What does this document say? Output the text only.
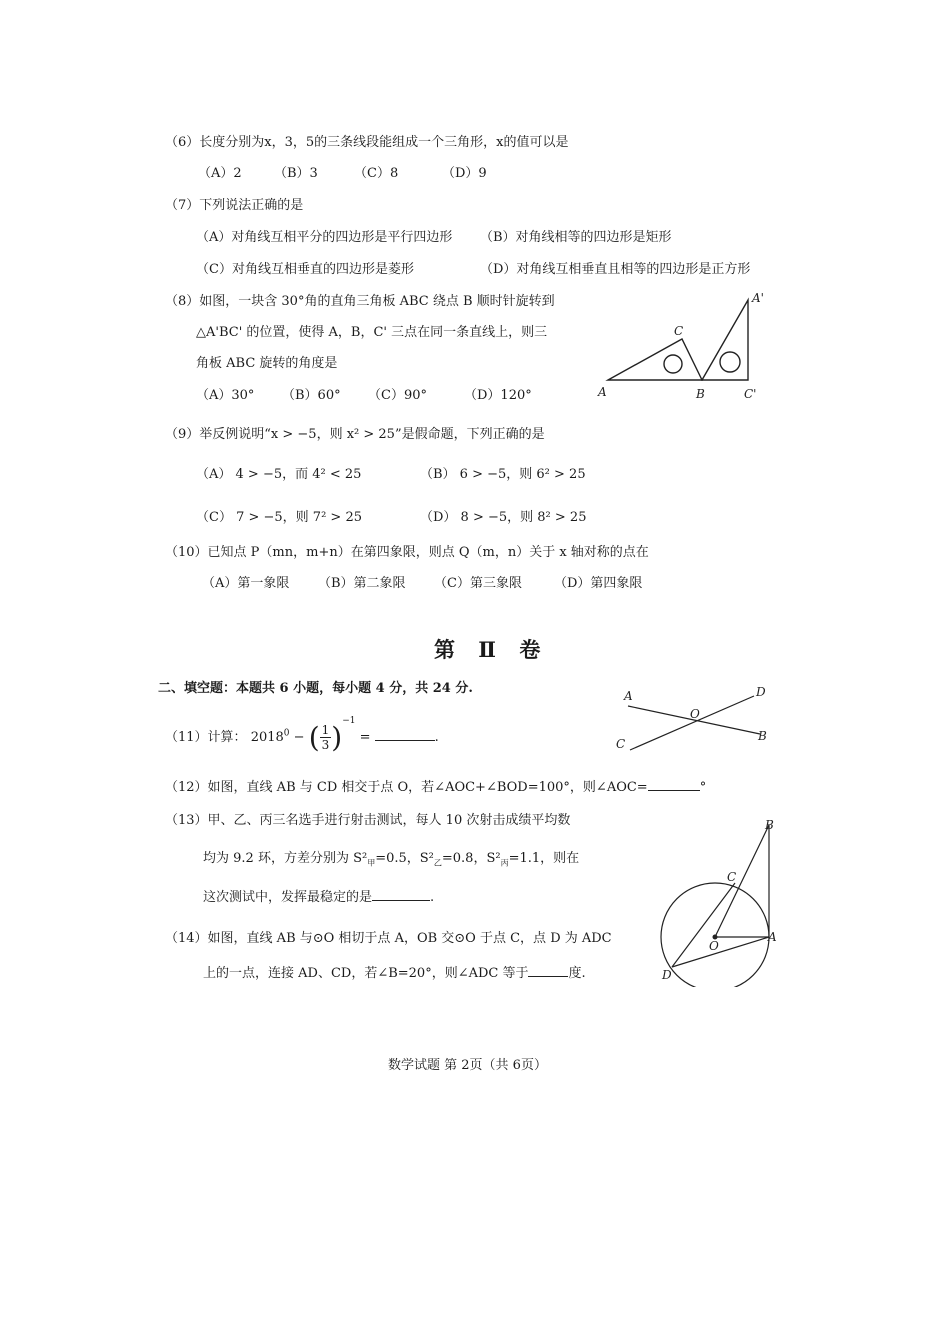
（6）长度分别为x，3，5的三条线段能组成一个三角形，x的值可以是
（A）2 （B）3	（C）8	（D）9
（7）下列说法正确的是
（A）对角线互相平分的四边形是平行四边形 （B）对角线相等的四边形是矩形
（C）对角线互相垂直的四边形是菱形	（D）对角线互相垂直且相等的四边形是正方形
（8）如图，一块含 30°角的直角三角板 ABC 绕点 B 顺时针旋转到
△A'BC' 的位置，使得 A，B，C' 三点在同一条直线上，则三
角板 ABC 旋转的角度是
（A）30° （B）60° （C）90°	（D）120°	A	B
C
A'
C'
（9）举反例说明“x > −5，则 x² > 25”是假命题，下列正确的是
（A） 4 > −5，而 4² < 25	（B） 6 > −5，则 6² > 25
（C） 7 > −5，则 7² > 25	（D） 8 > −5，则 8² > 25
（10）已知点 P（mn，m+n）在第四象限，则点 Q（m，n）关于 x 轴对称的点在
（A）第一象限 （B）第二象限 （C）第三象限 （D）第四象限
第 Ⅱ 卷
二、填空题：本题共 6 小题，每小题 4 分，共 24 分.
（11）计算： $2018^0$ − ( $\frac{1}{3} )^{-1}$ =	.
A	D
O
C
B
（12）如图，直线 AB 与 CD 相交于点 O，若∠AOC+∠BOD=100°，则∠AOC=	°
（13）甲、乙、丙三名选手进行射击测试，每人 10 次射击成绩平均数
均为 9.2 环，方差分别为 $S^2_甲=0.5$，$S^2_乙=0.8$，$S^2_丙=1.1$，则在
这次测试中，发挥最稳定的是	.
（14）如图，直线 AB 与⊙O 相切于点 A，OB 交⊙O 于点 C，点 D 为 ADC
上的一点，连接 AD、CD，若∠B=20°，则∠ADC 等于	度.
B
C
O
A
D
数学试题 第 2页（共 6页）
